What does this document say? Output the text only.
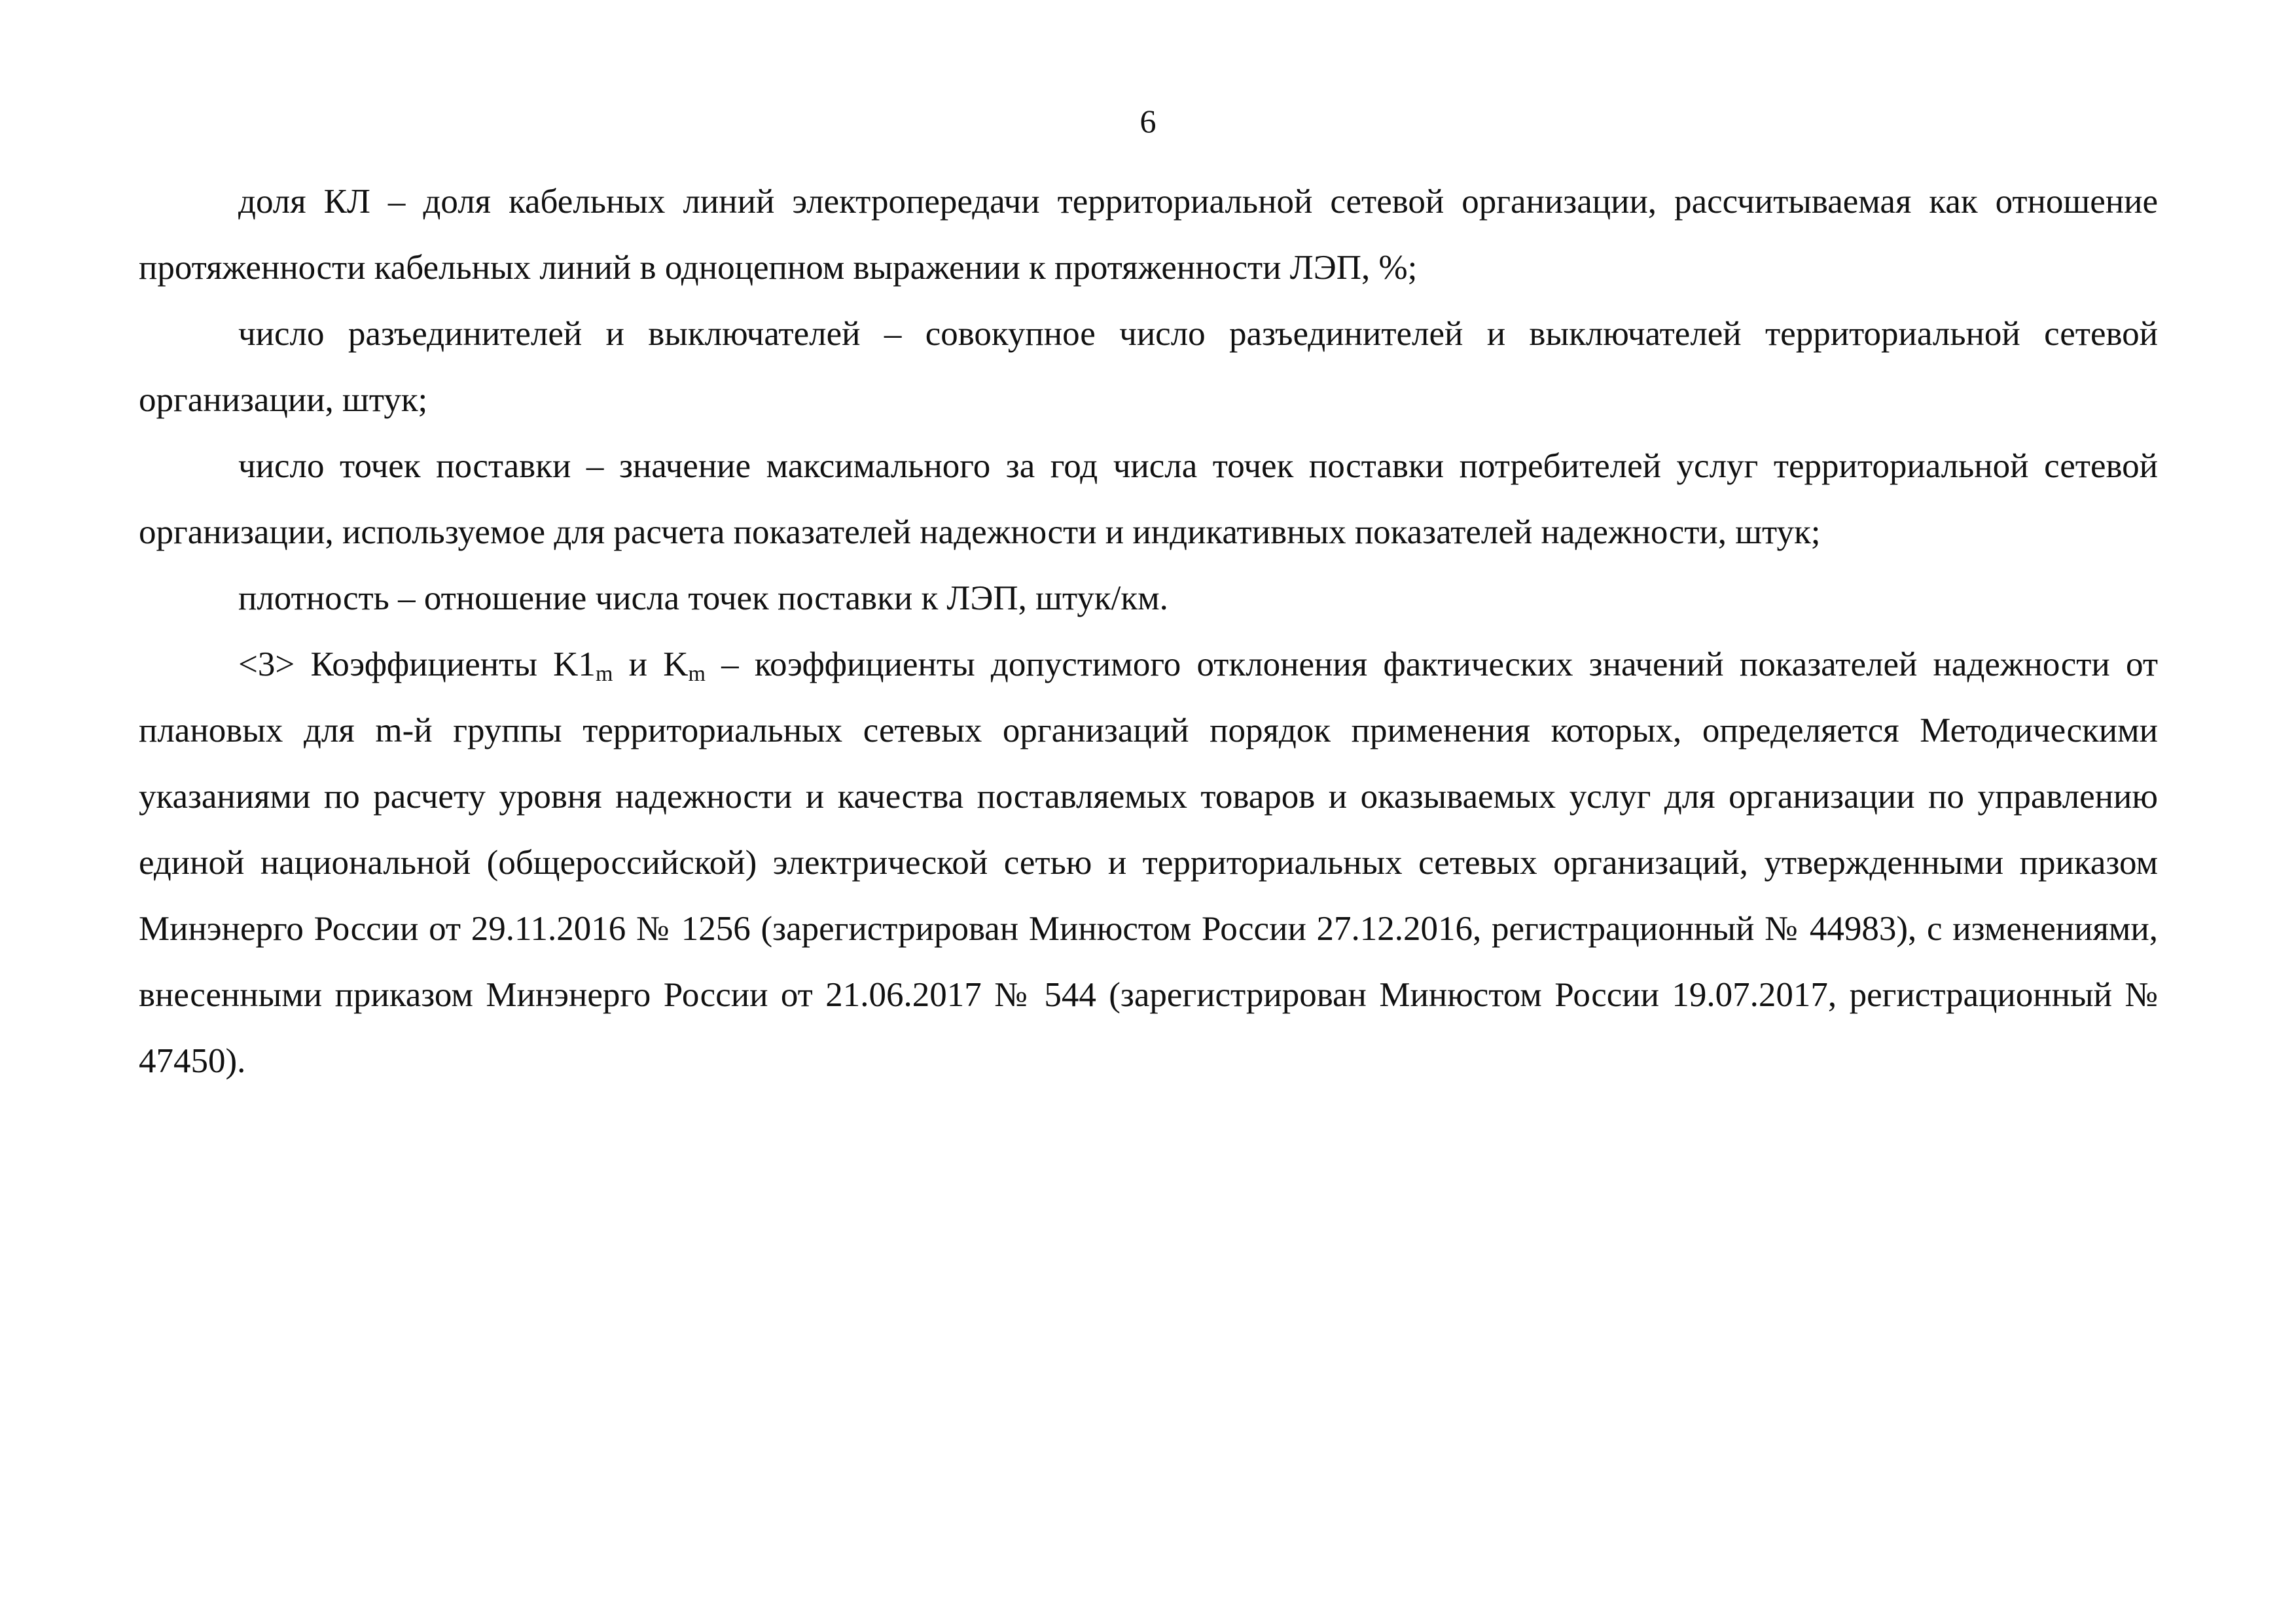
6

доля КЛ – доля кабельных линий электропередачи территориальной сетевой организации, рассчитываемая как отношение протяженности кабельных линий в одноцепном выражении к протяженности ЛЭП, %;

число разъединителей и выключателей – совокупное число разъединителей и выключателей территориальной сетевой организации, штук;

число точек поставки – значение максимального за год числа точек поставки потребителей услуг территориальной сетевой организации, используемое для расчета показателей надежности и индикативных показателей надежности, штук;

плотность – отношение числа точек поставки к ЛЭП, штук/км.

<3> Коэффициенты $K1_m$ и $K_m$ – коэффициенты допустимого отклонения фактических значений показателей надежности от плановых для m-й группы территориальных сетевых организаций порядок применения которых, определяется Методическими указаниями по расчету уровня надежности и качества поставляемых товаров и оказываемых услуг для организации по управлению единой национальной (общероссийской) электрической сетью и территориальных сетевых организаций, утвержденными приказом Минэнерго России от 29.11.2016 № 1256 (зарегистрирован Минюстом России 27.12.2016, регистрационный № 44983), с изменениями, внесенными приказом Минэнерго России от 21.06.2017 № 544 (зарегистрирован Минюстом России 19.07.2017, регистрационный № 47450).
